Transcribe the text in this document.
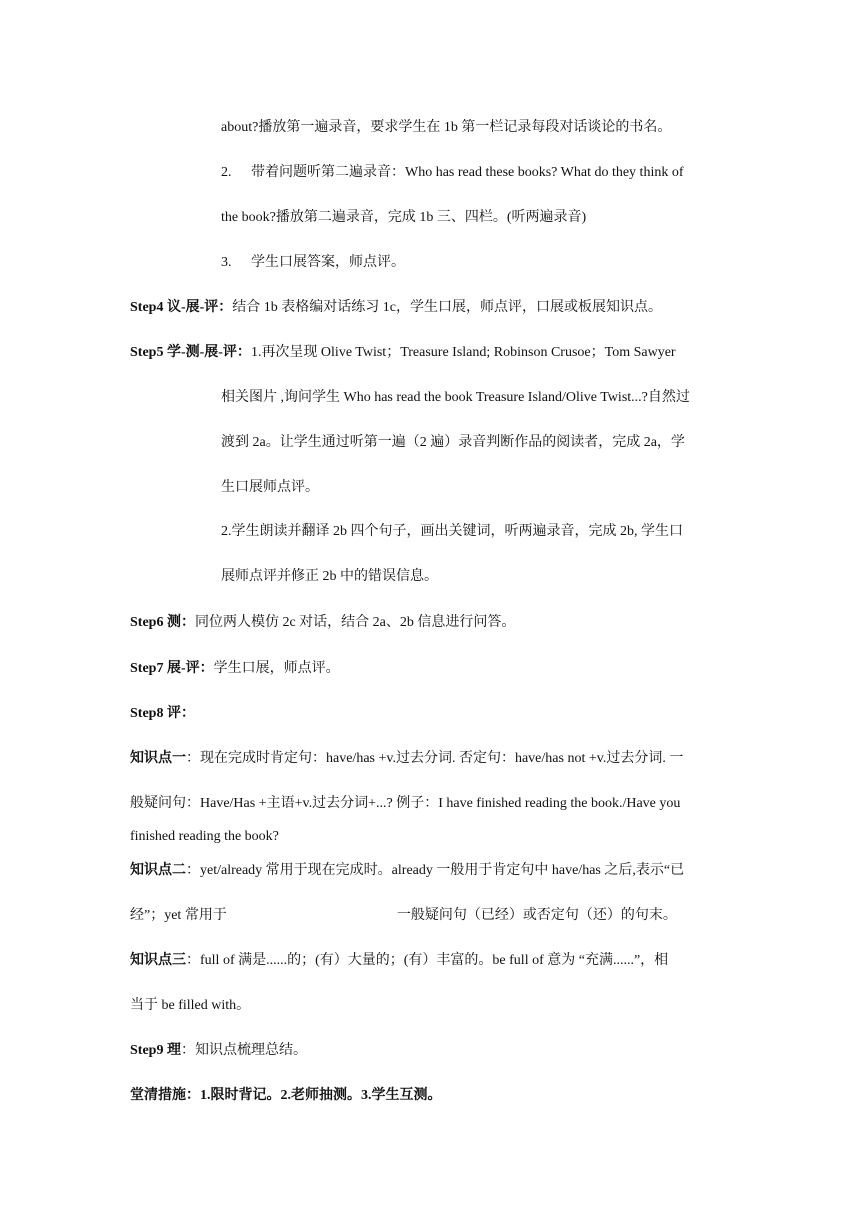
about?播放第一遍录音，要求学生在 1b 第一栏记录每段对话谈论的书名。
2. 带着问题听第二遍录音：Who has read these books? What do they think of
the book?播放第二遍录音，完成 1b 三、四栏。(听两遍录音)
3. 学生口展答案，师点评。
Step4 议-展-评：结合 1b 表格编对话练习 1c，学生口展，师点评，口展或板展知识点。
Step5 学-测-展-评：1.再次呈现 Olive Twist；Treasure Island; Robinson Crusoe；Tom Sawyer
相关图片 ,询问学生 Who has read the book Treasure Island/Olive Twist...?自然过
渡到 2a。让学生通过听第一遍（2 遍）录音判断作品的阅读者，完成 2a，学
生口展师点评。
2.学生朗读并翻译 2b 四个句子，画出关键词，听两遍录音，完成 2b, 学生口
展师点评并修正 2b 中的错误信息。
Step6 测：同位两人模仿 2c 对话，结合 2a、2b 信息进行问答。
Step7 展-评：学生口展，师点评。
Step8 评：
知识点一：现在完成时肯定句：have/has +v.过去分词. 否定句：have/has not +v.过去分词. 一
般疑问句：Have/Has +主语+v.过去分词+...? 例子：I have finished reading the book./Have you
finished reading the book?
知识点二：yet/already 常用于现在完成时。already 一般用于肯定句中 have/has 之后,表示“已
经”；yet 常用于	一般疑问句（已经）或否定句（还）的句末。
知识点三：full of 满是......的；(有）大量的；(有）丰富的。be full of 意为 “充满......”，相
当于 be filled with。
Step9 理：知识点梳理总结。
堂清措施：1.限时背记。2.老师抽测。3.学生互测。
